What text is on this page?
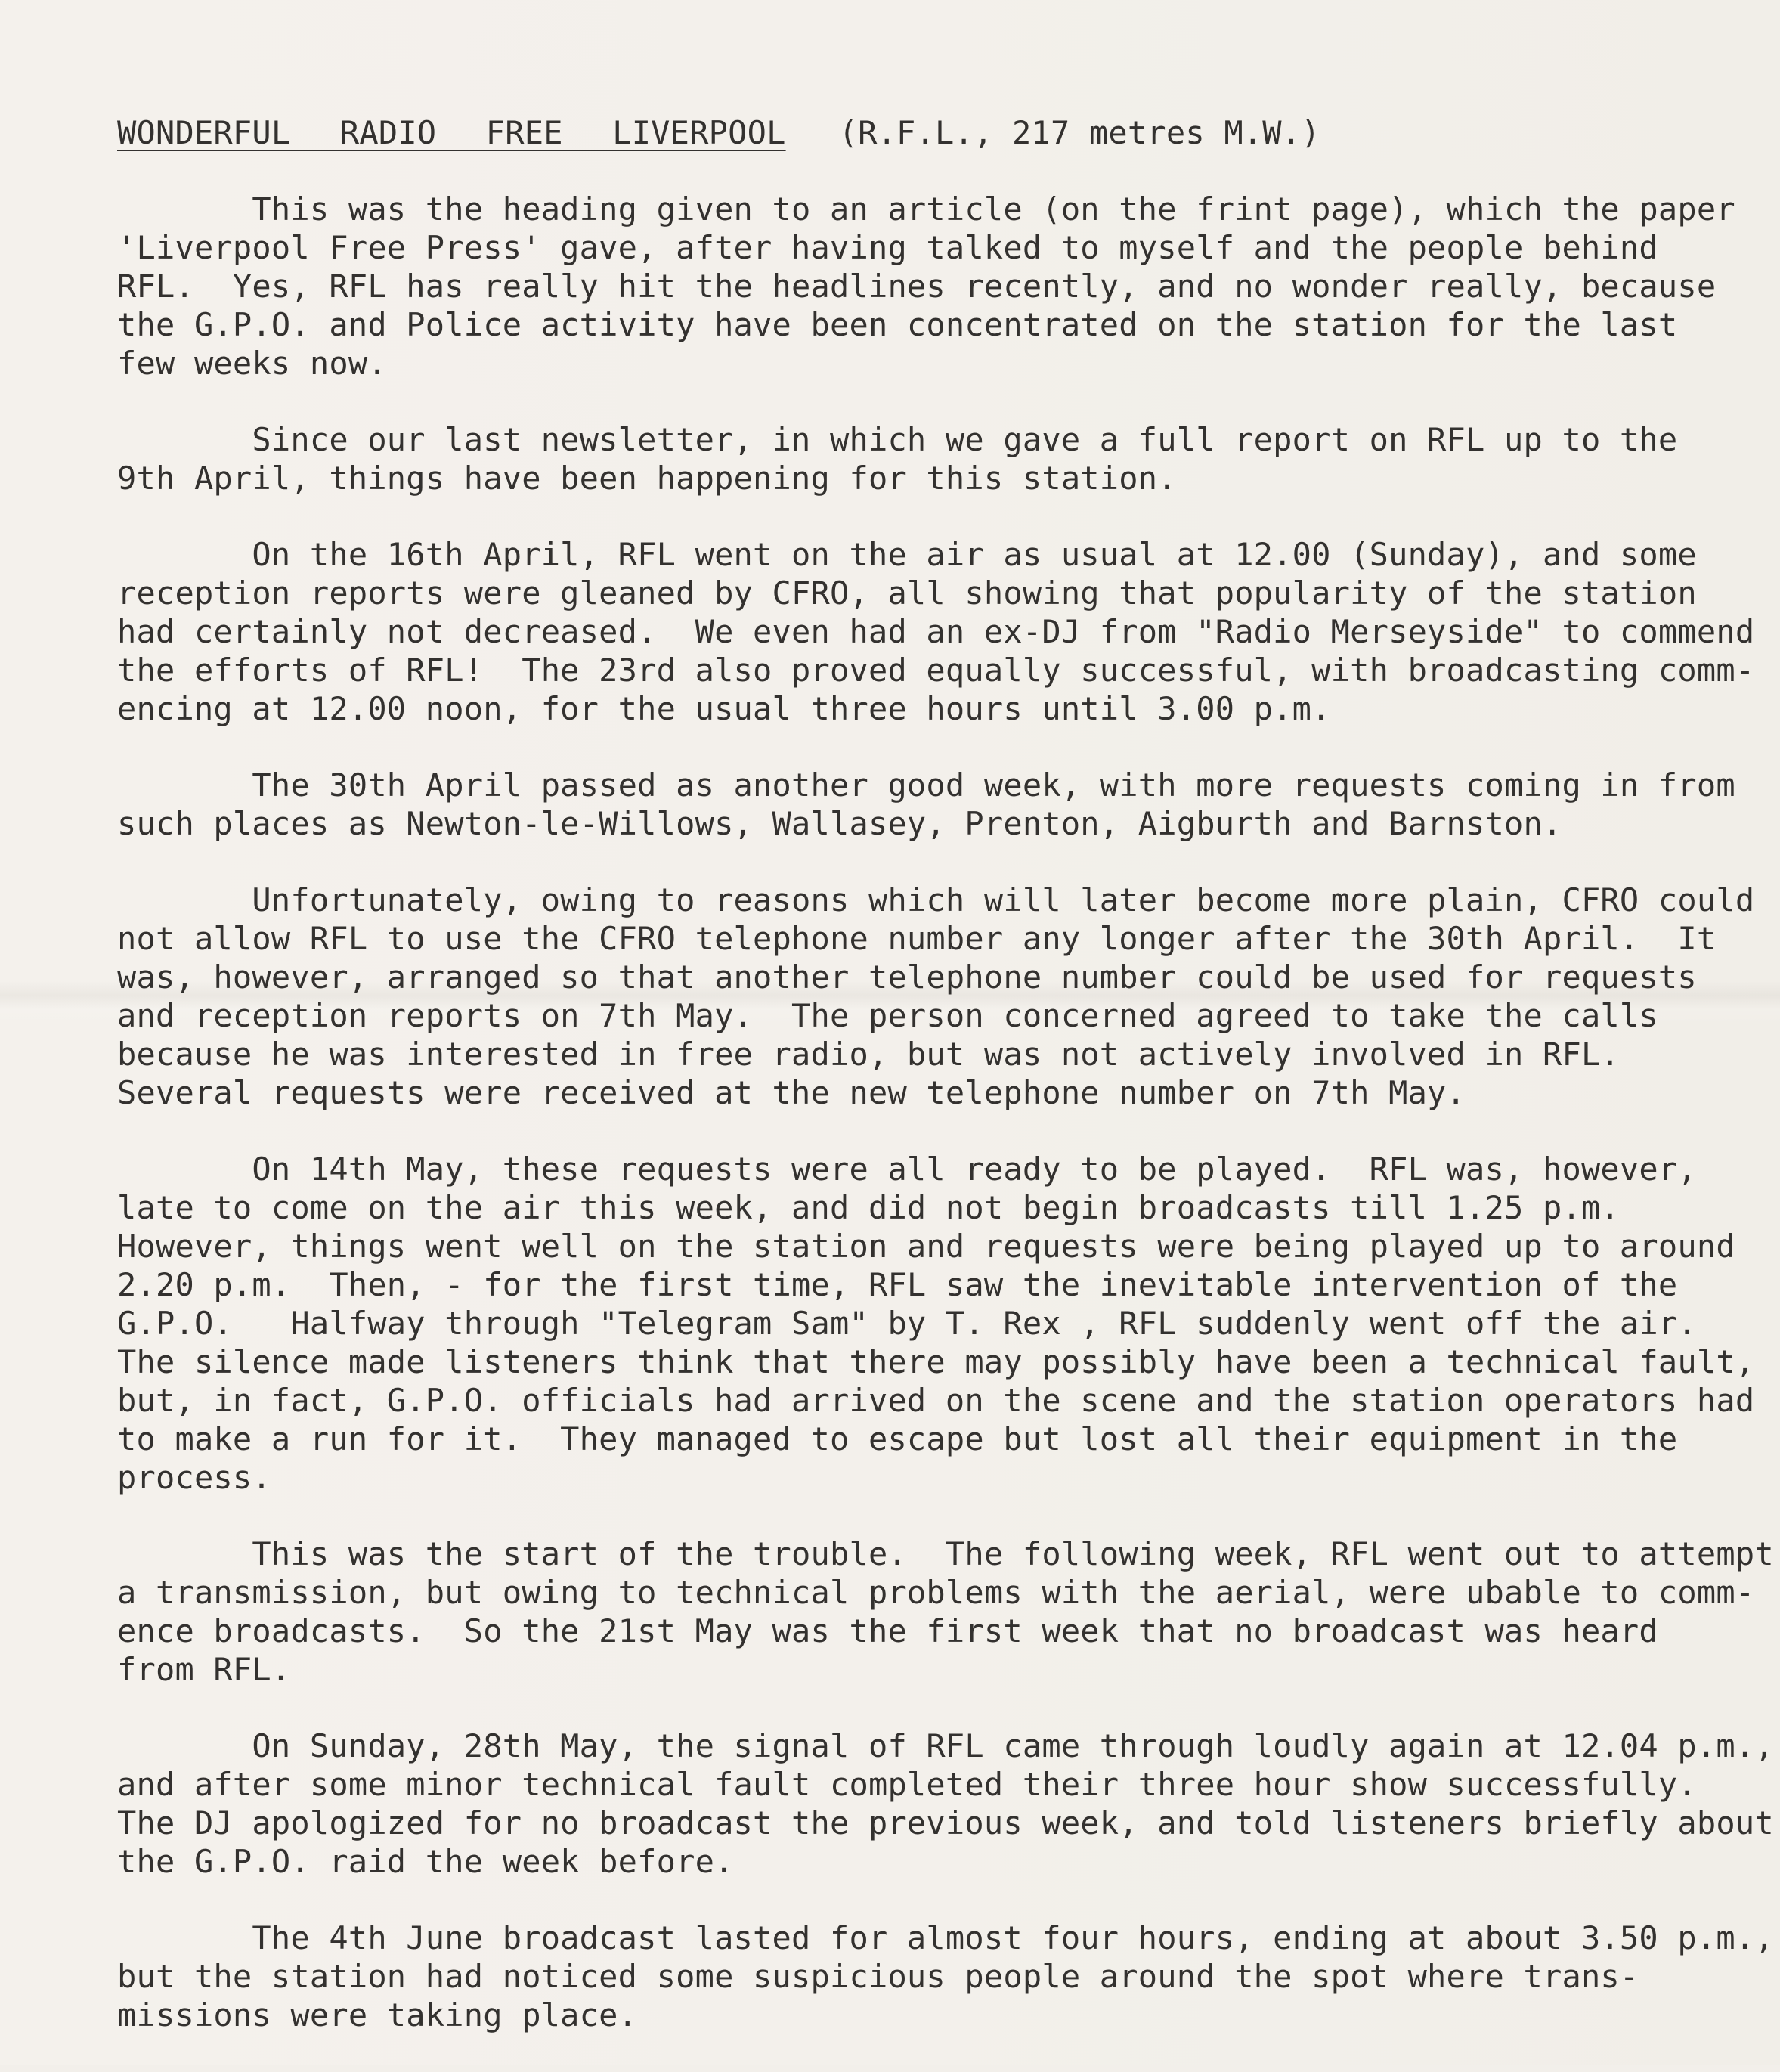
WONDERFUL RADIO FREE LIVERPOOL (R.F.L., 217 metres M.W.)

This was the heading given to an article (on the frint page), which the paper
'Liverpool Free Press' gave, after having talked to myself and the people behind
RFL.  Yes, RFL has really hit the headlines recently, and no wonder really, because
the G.P.O. and Police activity have been concentrated on the station for the last
few weeks now.

Since our last newsletter, in which we gave a full report on RFL up to the
9th April, things have been happening for this station.

On the 16th April, RFL went on the air as usual at 12.00 (Sunday), and some
reception reports were gleaned by CFRO, all showing that popularity of the station
had certainly not decreased.  We even had an ex-DJ from "Radio Merseyside" to commend
the efforts of RFL!  The 23rd also proved equally successful, with broadcasting comm-
encing at 12.00 noon, for the usual three hours until 3.00 p.m.

The 30th April passed as another good week, with more requests coming in from
such places as Newton-le-Willows, Wallasey, Prenton, Aigburth and Barnston.

Unfortunately, owing to reasons which will later become more plain, CFRO could
not allow RFL to use the CFRO telephone number any longer after the 30th April.  It
was, however, arranged so that another telephone number could be used for requests
and reception reports on 7th May.  The person concerned agreed to take the calls
because he was interested in free radio, but was not actively involved in RFL.
Several requests were received at the new telephone number on 7th May.

On 14th May, these requests were all ready to be played.  RFL was, however,
late to come on the air this week, and did not begin broadcasts till 1.25 p.m.
However, things went well on the station and requests were being played up to around
2.20 p.m.  Then, - for the first time, RFL saw the inevitable intervention of the
G.P.O.   Halfway through "Telegram Sam" by T. Rex , RFL suddenly went off the air.
The silence made listeners think that there may possibly have been a technical fault,
but, in fact, G.P.O. officials had arrived on the scene and the station operators had
to make a run for it.  They managed to escape but lost all their equipment in the
process.

This was the start of the trouble.  The following week, RFL went out to attempt
a transmission, but owing to technical problems with the aerial, were ubable to comm-
ence broadcasts.  So the 21st May was the first week that no broadcast was heard
from RFL.

On Sunday, 28th May, the signal of RFL came through loudly again at 12.04 p.m.,
and after some minor technical fault completed their three hour show successfully.
The DJ apologized for no broadcast the previous week, and told listeners briefly about
the G.P.O. raid the week before.

The 4th June broadcast lasted for almost four hours, ending at about 3.50 p.m.,
but the station had noticed some suspicious people around the spot where trans-
missions were taking place.
